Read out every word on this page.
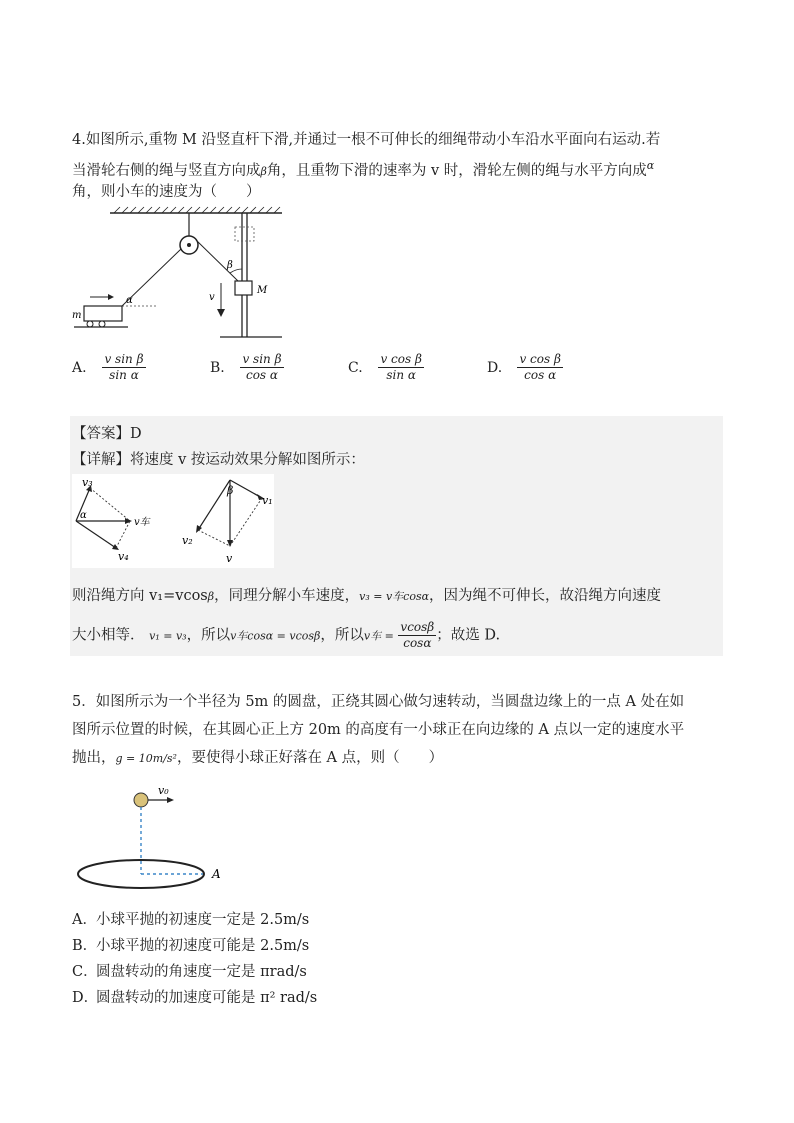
4.如图所示,重物 M 沿竖直杆下滑,并通过一根不可伸长的细绳带动小车沿水平面向右运动.若
当滑轮右侧的绳与竖直方向成β角，且重物下滑的速率为 v 时，滑轮左侧的绳与水平方向成$^\alpha$
角，则小车的速度为（　　）
M
β
v
α
m
A. $\frac{\text{v sin β}}{\text{sin α}}$	B. $\frac{\text{v sin β}}{\text{cos α}}$	C. $\frac{\text{v cos β}}{\text{sin α}}$	D. $\frac{\text{v cos β}}{\text{cos α}}$
【答案】D
【详解】将速度 v 按运动效果分解如图所示：
v₃
α
v车
v₄
β
v₁
v₂
v
则沿绳方向 v₁=vcosβ，同理分解小车速度，v₃ = v车cosα，因为绳不可伸长，故沿绳方向速度
大小相等． v₁ = v₃，所以v车cosα = vcosβ，所以v车 = $\frac{vcos\beta}{\cos\alpha}$ ；故选 D.
5．如图所示为一个半径为 5m 的圆盘，正绕其圆心做匀速转动，当圆盘边缘上的一点 A 处在如
图所示位置的时候，在其圆心正上方 20m 的高度有一小球正在向边缘的 A 点以一定的速度水平
抛出，g = 10m/s²，要使得小球正好落在 A 点，则（　　）
v₀
A
A．小球平抛的初速度一定是 2.5m/s
B．小球平抛的初速度可能是 2.5m/s
C．圆盘转动的角速度一定是 πrad/s
D．圆盘转动的加速度可能是 π² rad/s
